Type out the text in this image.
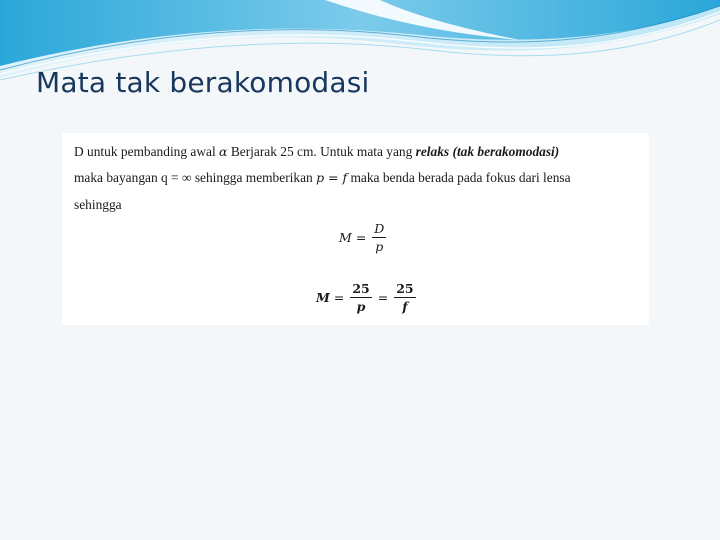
Mata tak berakomodasi
D untuk pembanding awal α Berjarak 25 cm. Untuk mata yang relaks (tak berakomodasi)
maka bayangan q = ∞ sehingga memberikan p = f maka benda berada pada fokus dari lensa
sehingga
$M = \frac{D}{p}$
$M = \frac{25}{p} = \frac{25}{f}$
